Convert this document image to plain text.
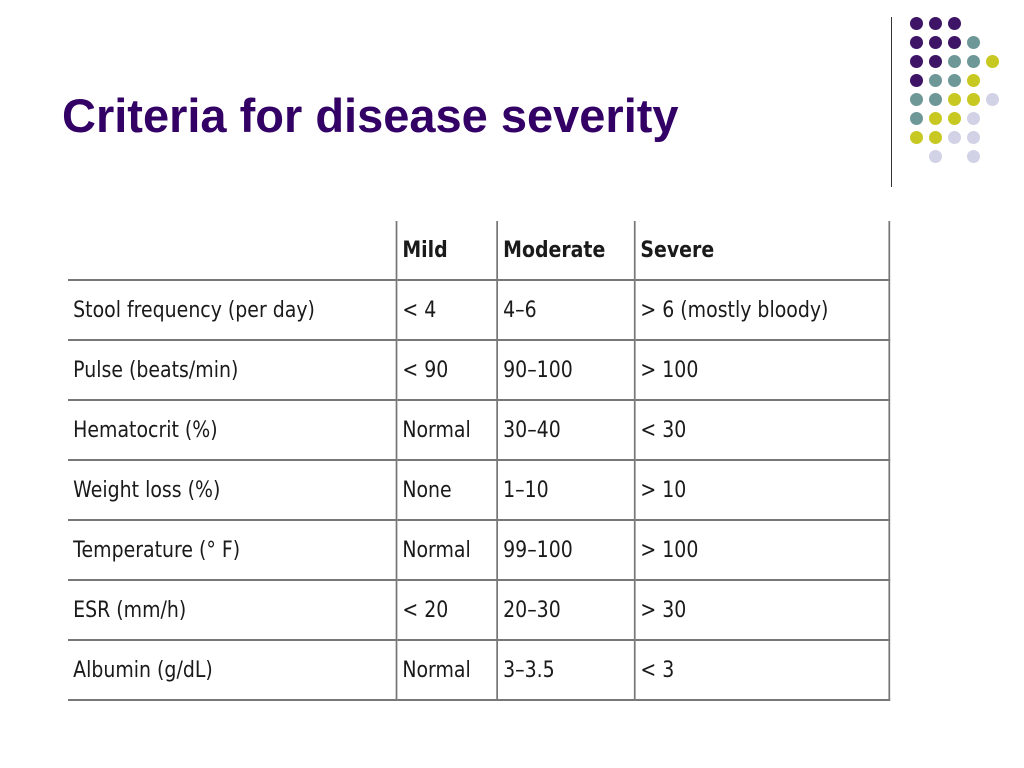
Criteria for disease severity
	Mild	Moderate	Severe
Stool frequency (per day)	< 4	4–6	> 6 (mostly bloody)
Pulse (beats/min)	< 90	90–100	> 100
Hematocrit (%)	Normal	30–40	< 30
Weight loss (%)	None	1–10	> 10
Temperature (° F)	Normal	99–100	> 100
ESR (mm/h)	< 20	20–30	> 30
Albumin (g/dL)	Normal	3–3.5	< 3
